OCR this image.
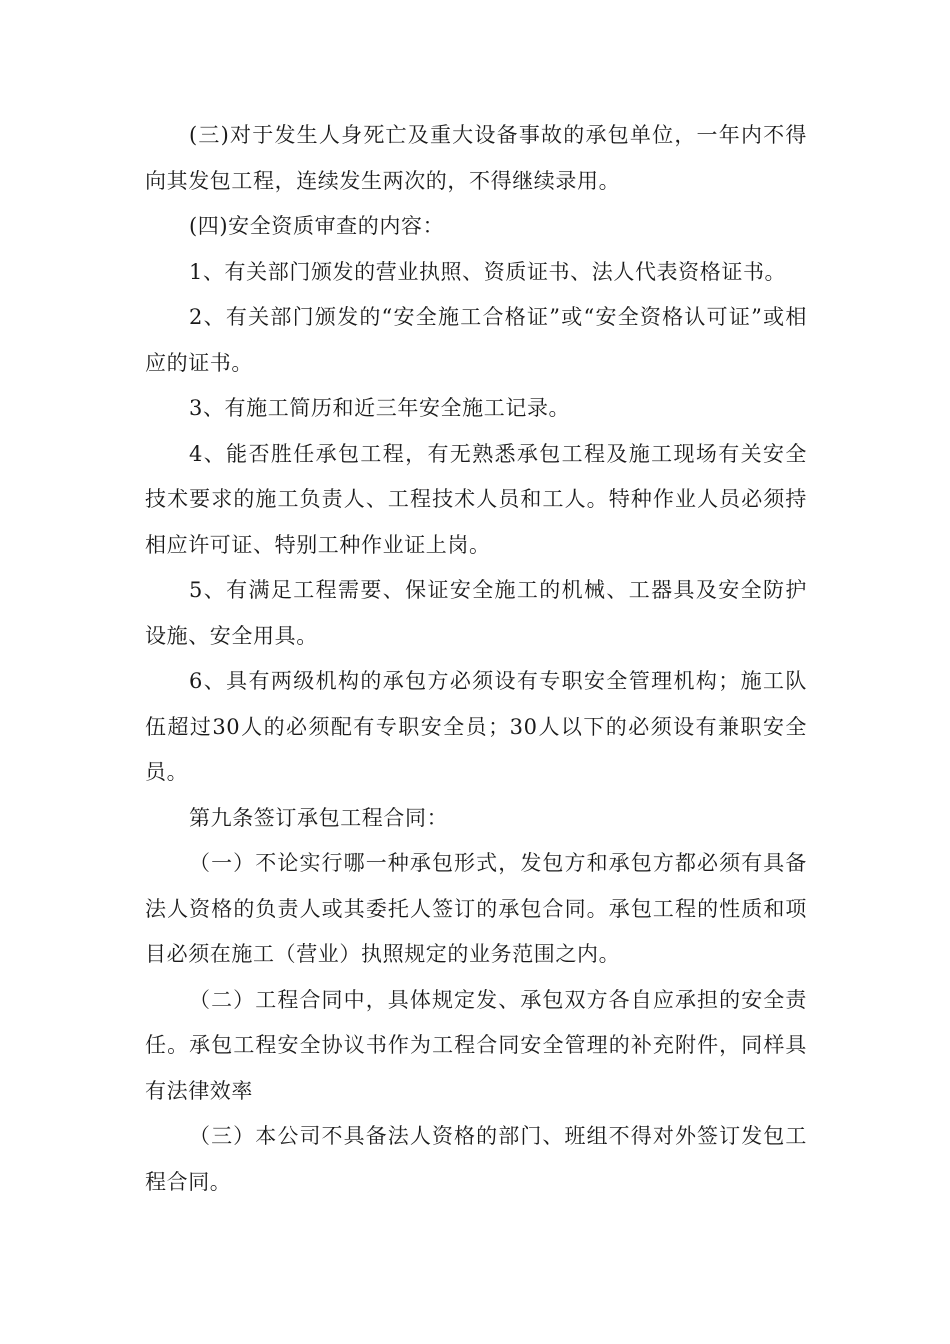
(三)对于发生人身死亡及重大设备事故的承包单位，一年内不得向其发包工程，连续发生两次的，不得继续录用。

(四)安全资质审查的内容：

1、有关部门颁发的营业执照、资质证书、法人代表资格证书。

2、有关部门颁发的“安全施工合格证”或“安全资格认可证”或相应的证书。

3、有施工简历和近三年安全施工记录。

4、能否胜任承包工程，有无熟悉承包工程及施工现场有关安全技术要求的施工负责人、工程技术人员和工人。特种作业人员必须持相应许可证、特别工种作业证上岗。

5、有满足工程需要、保证安全施工的机械、工器具及安全防护设施、安全用具。

6、具有两级机构的承包方必须设有专职安全管理机构；施工队伍超过30人的必须配有专职安全员；30人以下的必须设有兼职安全员。

第九条签订承包工程合同：

（一）不论实行哪一种承包形式，发包方和承包方都必须有具备法人资格的负责人或其委托人签订的承包合同。承包工程的性质和项目必须在施工（营业）执照规定的业务范围之内。

（二）工程合同中，具体规定发、承包双方各自应承担的安全责任。承包工程安全协议书作为工程合同安全管理的补充附件，同样具有法律效率

（三）本公司不具备法人资格的部门、班组不得对外签订发包工程合同。
